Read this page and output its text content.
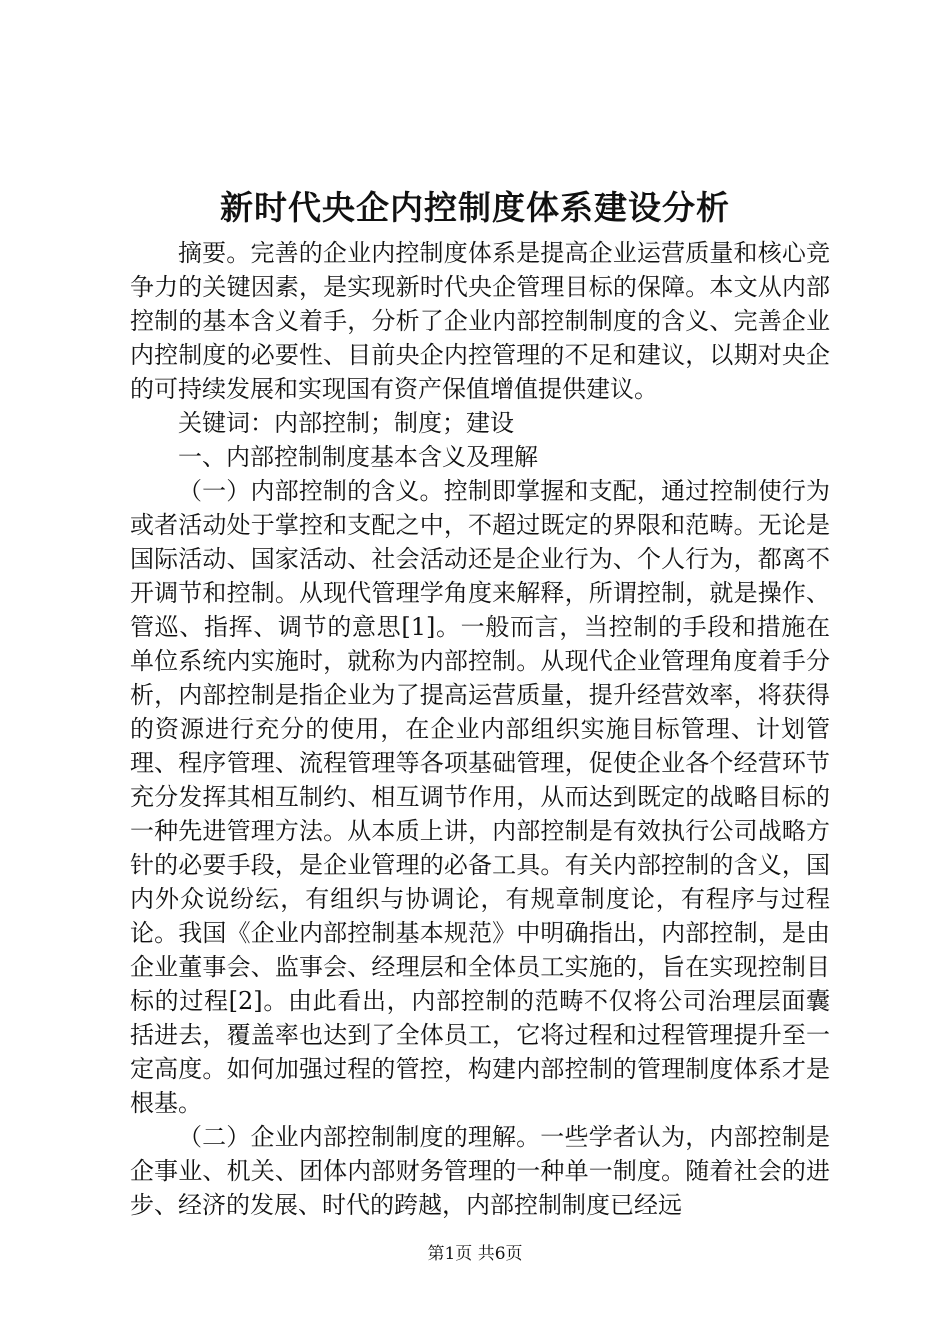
新时代央企内控制度体系建设分析

摘要。完善的企业内控制度体系是提高企业运营质量和核心竞争力的关键因素，是实现新时代央企管理目标的保障。本文从内部控制的基本含义着手，分析了企业内部控制制度的含义、完善企业内控制度的必要性、目前央企内控管理的不足和建议，以期对央企的可持续发展和实现国有资产保值增值提供建议。

关键词：内部控制；制度；建设

一、内部控制制度基本含义及理解

（一）内部控制的含义。控制即掌握和支配，通过控制使行为或者活动处于掌控和支配之中，不超过既定的界限和范畴。无论是国际活动、国家活动、社会活动还是企业行为、个人行为，都离不开调节和控制。从现代管理学角度来解释，所谓控制，就是操作、管巡、指挥、调节的意思[1]。一般而言，当控制的手段和措施在单位系统内实施时，就称为内部控制。从现代企业管理角度着手分析，内部控制是指企业为了提高运营质量，提升经营效率，将获得的资源进行充分的使用，在企业内部组织实施目标管理、计划管理、程序管理、流程管理等各项基础管理，促使企业各个经营环节充分发挥其相互制约、相互调节作用，从而达到既定的战略目标的一种先进管理方法。从本质上讲，内部控制是有效执行公司战略方针的必要手段，是企业管理的必备工具。有关内部控制的含义，国内外众说纷纭，有组织与协调论，有规章制度论，有程序与过程论。我国《企业内部控制基本规范》中明确指出，内部控制，是由企业董事会、监事会、经理层和全体员工实施的，旨在实现控制目标的过程[2]。由此看出，内部控制的范畴不仅将公司治理层面囊括进去，覆盖率也达到了全体员工，它将过程和过程管理提升至一定高度。如何加强过程的管控，构建内部控制的管理制度体系才是根基。

（二）企业内部控制制度的理解。一些学者认为，内部控制是企事业、机关、团体内部财务管理的一种单一制度。随着社会的进步、经济的发展、时代的跨越，内部控制制度已经远

第1页 共6页
